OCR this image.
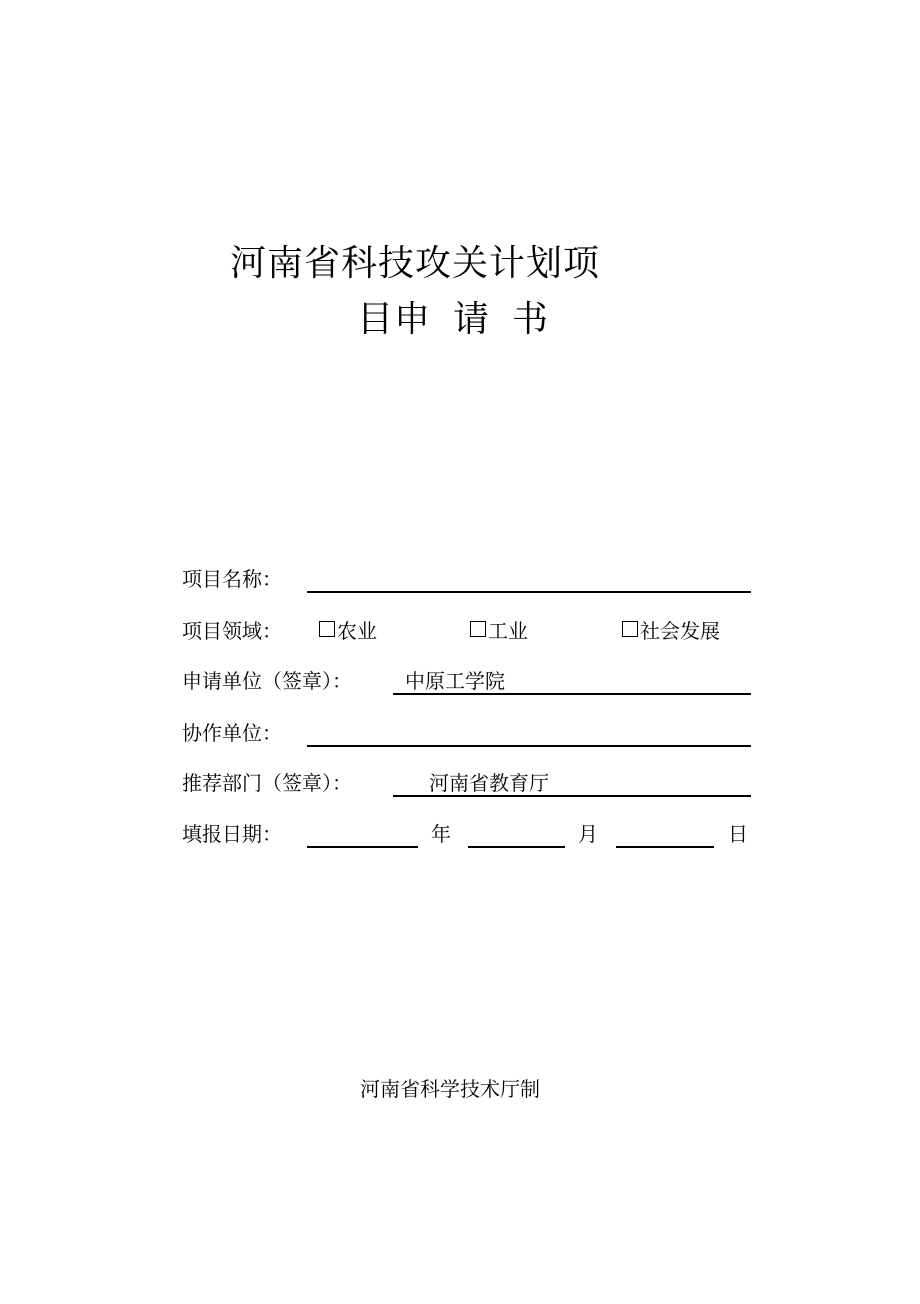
河南省科技攻关计划项
目申 请 书
项目名称：
项目领域：	农业	工业	社会发展
申请单位（签章）：	中原工学院
协作单位：
推荐部门（签章）：	河南省教育厅
填报日期：	年	月	日
河南省科学技术厅制
